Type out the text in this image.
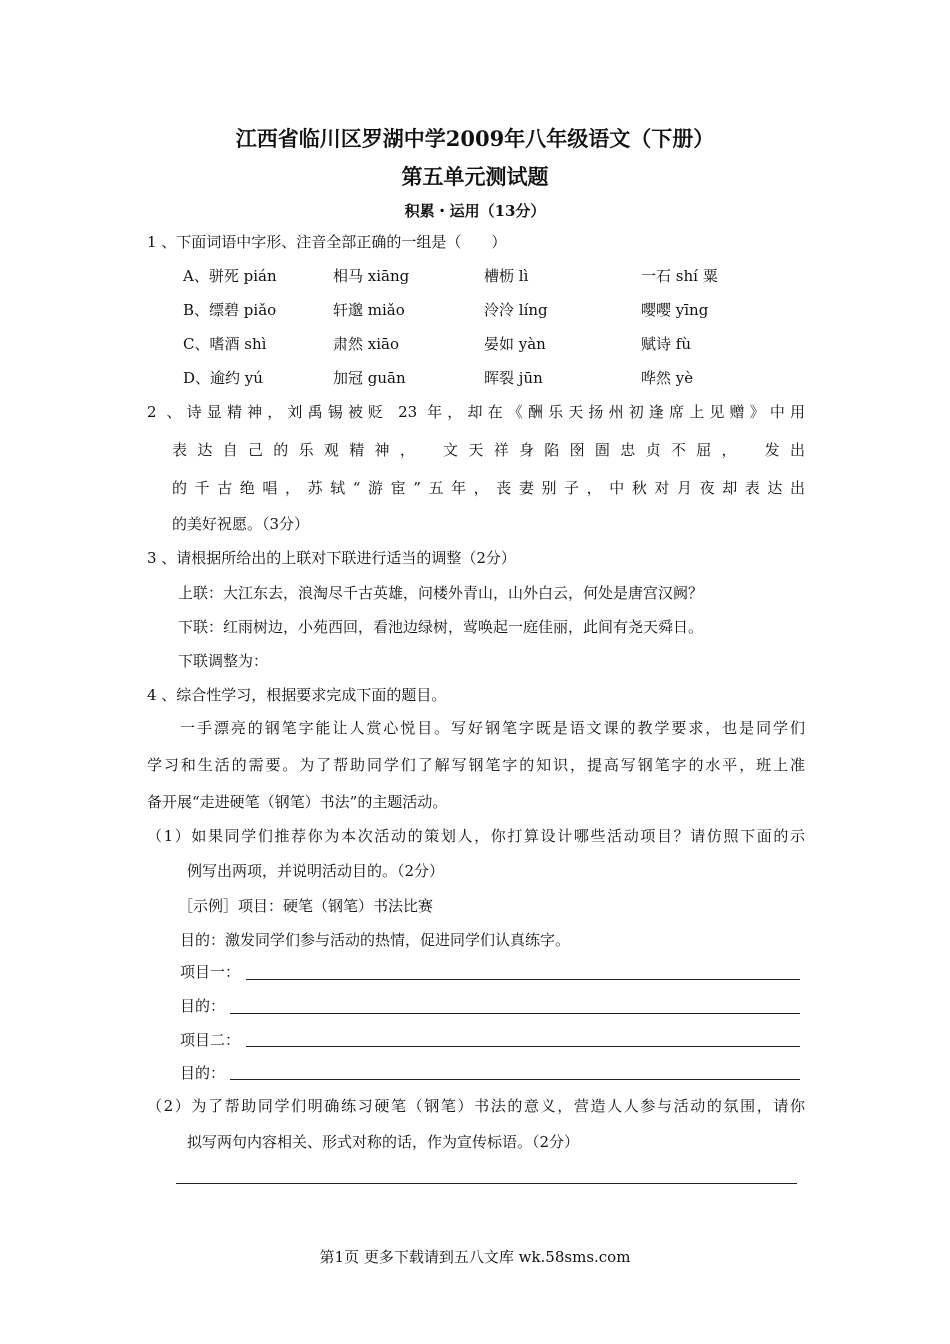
江西省临川区罗湖中学2009年八年级语文（下册）
第五单元测试题
积累・运用（13分）
1 、下面词语中字形、注音全部正确的一组是（　　）
A、骈死 pián	相马 xiāng	槽枥 lì	一石 shí 粟
B、缥碧 piǎo	轩邈 miǎo	泠泠 líng	嘤嘤 yīng
C、嗜酒 shì	肃然 xiāo	晏如 yàn	赋诗 fù
D、逾约 yú	加冠 guān	晖裂 jūn	哗然 yè
2 、诗显精神，刘禹锡被贬 23 年，却在《酬乐天扬州初逢席上见赠》中用
表达自己的乐观精神，　文天祥身陷囹圄忠贞不屈，　发出
的千古绝唱，苏轼“游宦”五年，丧妻别子，中秋对月夜却表达出
的美好祝愿。（3分）
3 、请根据所给出的上联对下联进行适当的调整（2分）
上联：大江东去，浪淘尽千古英雄，问楼外青山，山外白云，何处是唐宫汉阙？
下联：红雨树边，小苑西回，看池边绿树，莺唤起一庭佳丽，此间有尧天舜日。
下联调整为：
4 、综合性学习，根据要求完成下面的题目。
一手漂亮的钢笔字能让人赏心悦目。写好钢笔字既是语文课的教学要求，也是同学们
学习和生活的需要。为了帮助同学们了解写钢笔字的知识，提高写钢笔字的水平，班上准
备开展“走进硬笔（钢笔）书法”的主题活动。
（1）如果同学们推荐你为本次活动的策划人，你打算设计哪些活动项目？请仿照下面的示
例写出两项，并说明活动目的。（2分）
［示例］项目：硬笔（钢笔）书法比赛
目的：激发同学们参与活动的热情，促进同学们认真练字。
项目一：
目的：
项目二：
目的：
（2）为了帮助同学们明确练习硬笔（钢笔）书法的意义，营造人人参与活动的氛围，请你
拟写两句内容相关、形式对称的话，作为宣传标语。（2分）
第1页 更多下载请到五八文库 wk.58sms.com
